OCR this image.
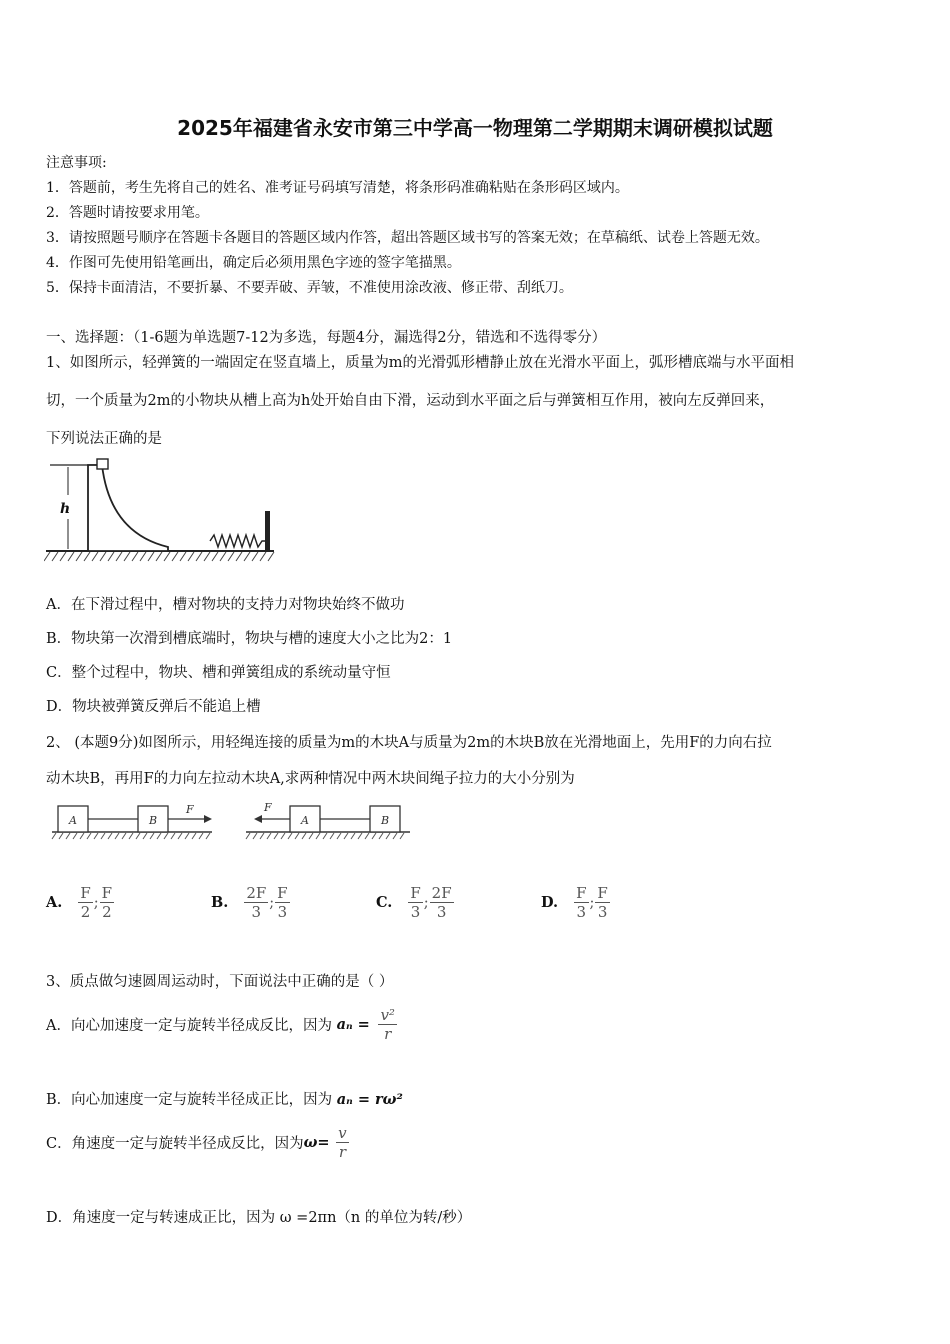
2025年福建省永安市第三中学高一物理第二学期期末调研模拟试题
注意事项:
1．答题前，考生先将自己的姓名、准考证号码填写清楚，将条形码准确粘贴在条形码区域内。
2．答题时请按要求用笔。
3．请按照题号顺序在答题卡各题目的答题区域内作答，超出答题区域书写的答案无效；在草稿纸、试卷上答题无效。
4．作图可先使用铅笔画出，确定后必须用黑色字迹的签字笔描黑。
5．保持卡面清洁，不要折暴、不要弄破、弄皱，不准使用涂改液、修正带、刮纸刀。
一、选择题：（1-6题为单选题7-12为多选，每题4分，漏选得2分，错选和不选得零分）
1、如图所示，轻弹簧的一端固定在竖直墙上，质量为m的光滑弧形槽静止放在光滑水平面上，弧形槽底端与水平面相
切，一个质量为2m的小物块从槽上高为h处开始自由下滑，运动到水平面之后与弹簧相互作用，被向左反弹回来，
下列说法正确的是
h
A．在下滑过程中，槽对物块的支持力对物块始终不做功
B．物块第一次滑到槽底端时，物块与槽的速度大小之比为2：1
C．整个过程中，物块、槽和弹簧组成的系统动量守恒
D．物块被弹簧反弹后不能追上槽
2、 (本题9分)如图所示，用轻绳连接的质量为m的木块A与质量为2m的木块B放在光滑地面上，先用F的力向右拉
动木块B，再用F的力向左拉动木块A,求两种情况中两木块间绳子拉力的大小分别为
A	B
F	F
A	B
A. $\frac{F}{2}$ ; $\frac{F}{2}$	B. $\frac{2F}{3}$ ; $\frac{F}{3}$	C. $\frac{F}{3}$ ; $\frac{2F}{3}$	D. $\frac{F}{3}$ ; $\frac{F}{3}$
3、质点做匀速圆周运动时，下面说法中正确的是（ ）
A．向心加速度一定与旋转半径成反比，因为 $a_n = \frac{\text{v²}}{r}$
B．向心加速度一定与旋转半径成正比，因为 aₙ = rω²
C．角速度一定与旋转半径成反比，因为$\omega= \frac{v}{r}$
D．角速度一定与转速成正比，因为 ω =2πn（n 的单位为转/秒）
